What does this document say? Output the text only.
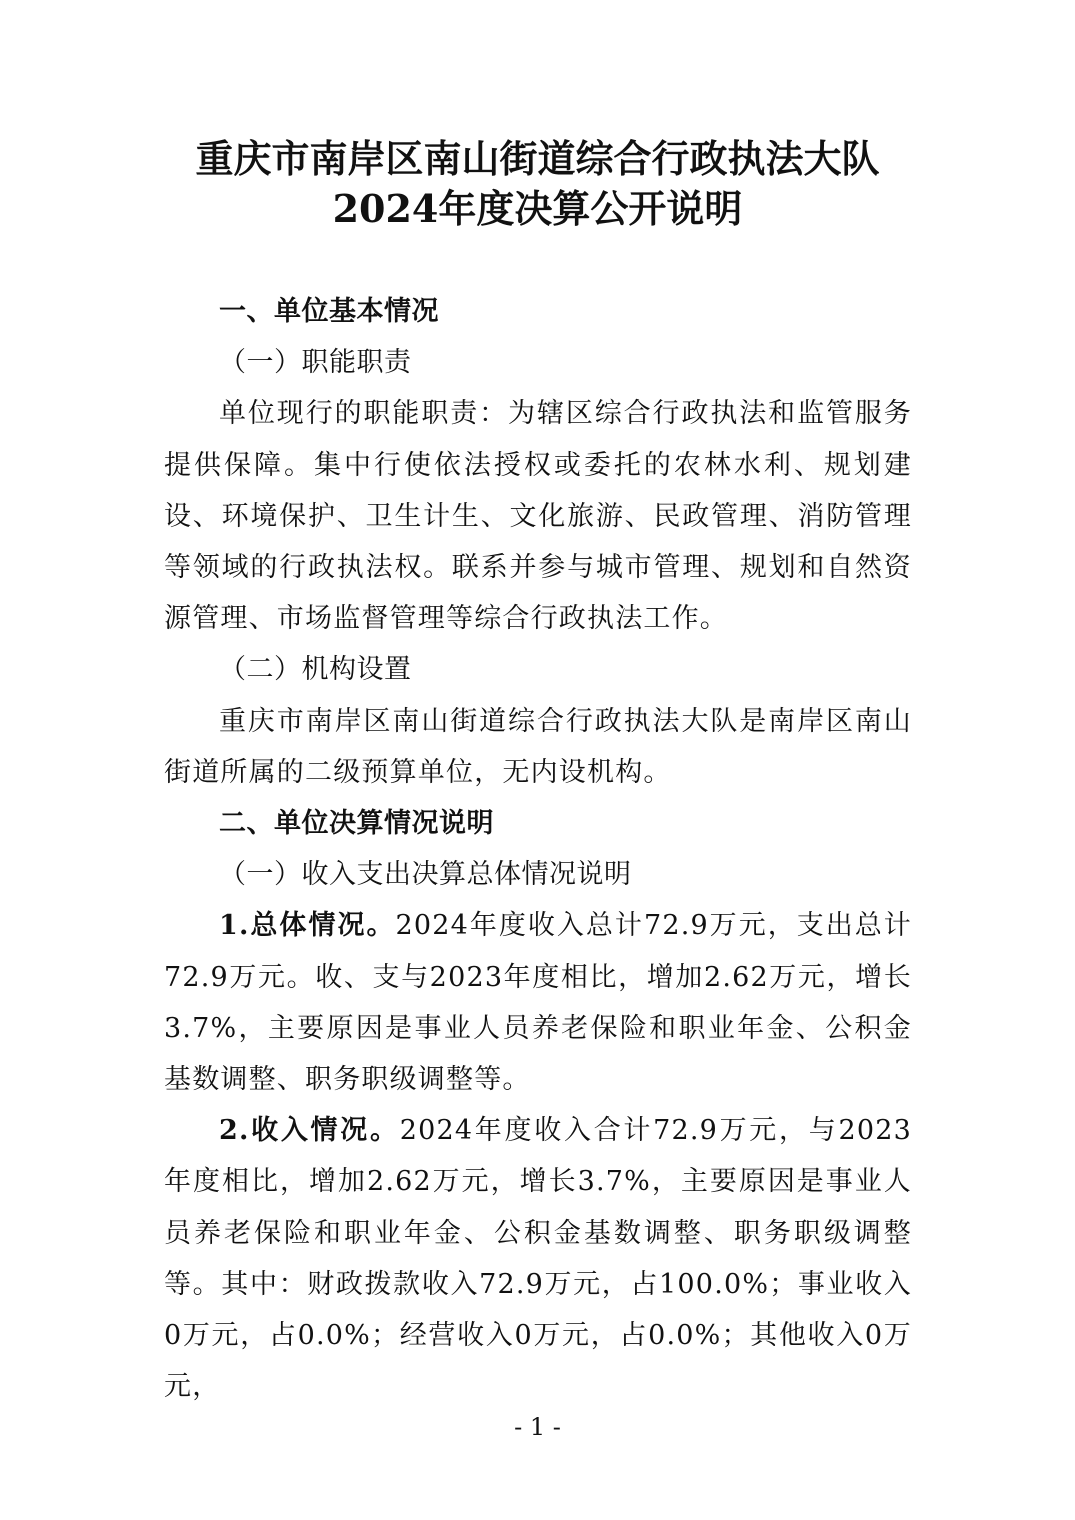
重庆市南岸区南山街道综合行政执法大队
2024年度决算公开说明

一、单位基本情况

（一）职能职责

单位现行的职能职责：为辖区综合行政执法和监管服务提供保障。集中行使依法授权或委托的农林水利、规划建设、环境保护、卫生计生、文化旅游、民政管理、消防管理等领域的行政执法权。联系并参与城市管理、规划和自然资源管理、市场监督管理等综合行政执法工作。

（二）机构设置

重庆市南岸区南山街道综合行政执法大队是南岸区南山街道所属的二级预算单位，无内设机构。

二、单位决算情况说明

（一）收入支出决算总体情况说明

1.总体情况。2024年度收入总计72.9万元，支出总计72.9万元。收、支与2023年度相比，增加2.62万元，增长3.7%，主要原因是事业人员养老保险和职业年金、公积金基数调整、职务职级调整等。

2.收入情况。2024年度收入合计72.9万元，与2023年度相比，增加2.62万元，增长3.7%，主要原因是事业人员养老保险和职业年金、公积金基数调整、职务职级调整等。其中：财政拨款收入72.9万元，占100.0%；事业收入0万元，占0.0%；经营收入0万元，占0.0%；其他收入0万元，

- 1 -
